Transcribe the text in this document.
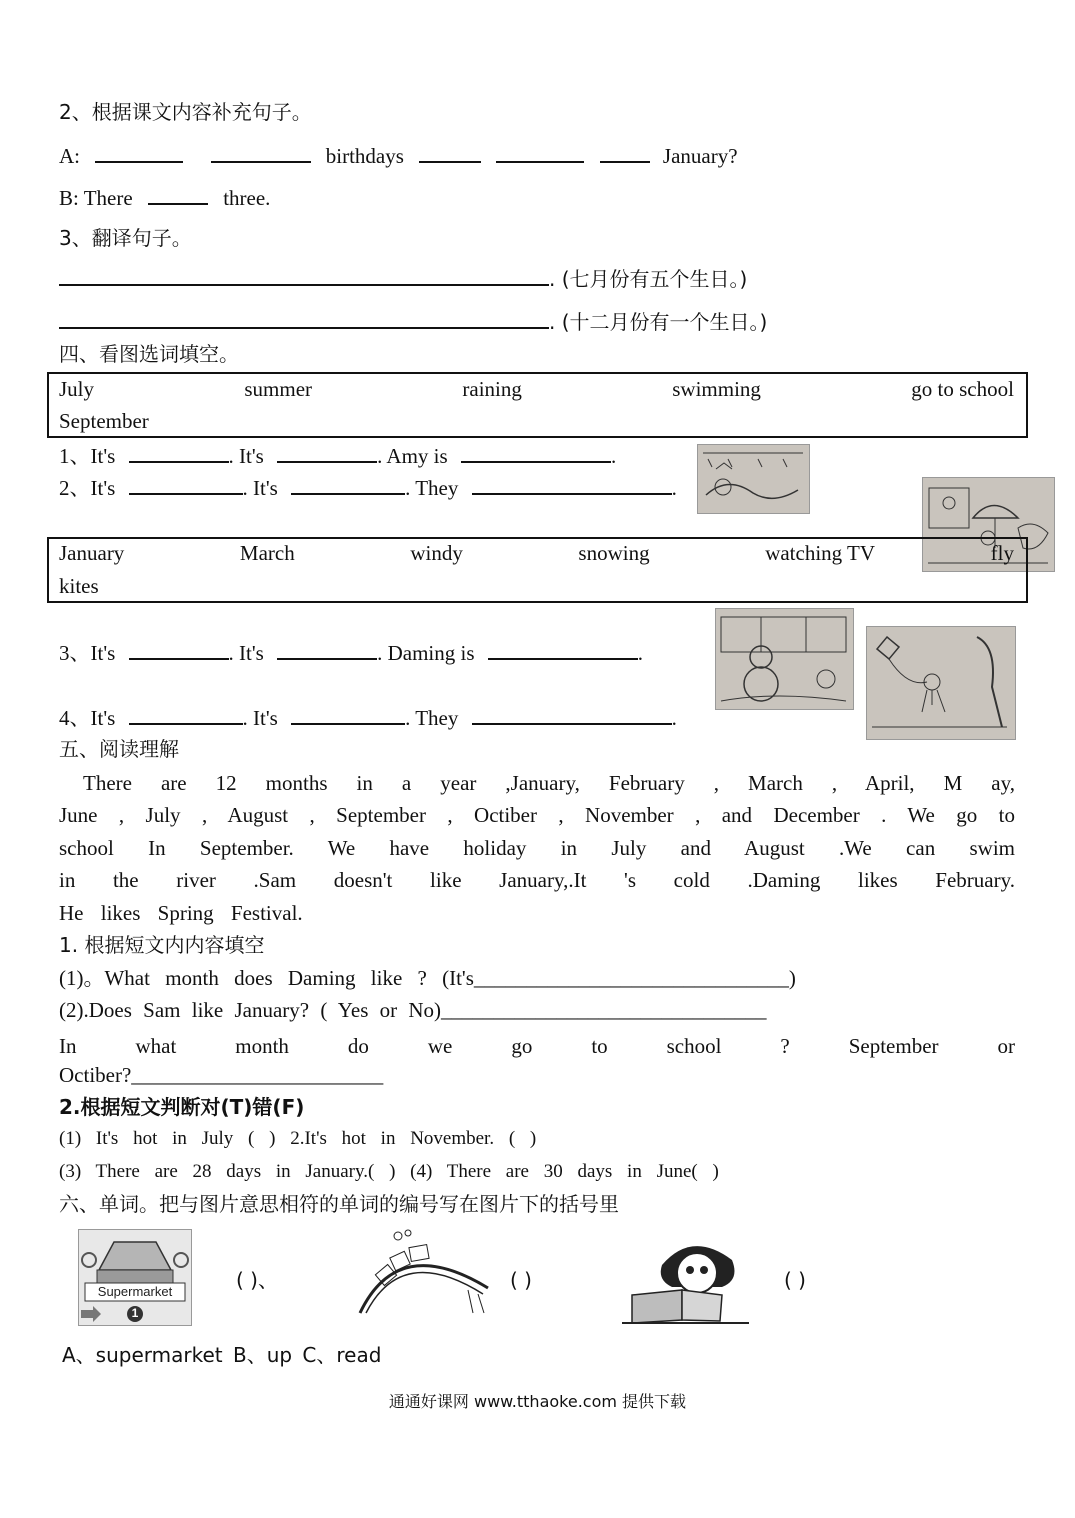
2、根据课文内容补充句子。
A:	birthdays	January?
B: There	three.
3、翻译句子。
. (七月份有五个生日。)
. (十二月份有一个生日。)
四、看图选词填空。
July	summer	raining	swimming	go to school
September
1、It's	. It's	. Amy is	.
2、It's	. It's	. They	.
January	March	windy	snowing	watching TV	fly
kites
3、It's	. It's	. Daming is	.
4、It's	. It's	. They	.
五、阅读理解
There are 12 months in a year ,January, February , March , April, M ay,
June , July , August , September , Octiber , November , and December . We go to
school In September. We have holiday in July and August .We can swim
in the river .Sam doesn't like January,.It 's cold .Daming likes February.
He likes Spring Festival.
1. 根据短文内内容填空
(1)。What month does Daming like ? (It's______________________________)
(2).Does Sam like January? ( Yes or No)_______________________________
In what month do we go to school ? September or
Octiber?________________________
2.根据短文判断对(T)错(F)
(1) It's hot in July ( ) 2.It's hot in November. ( )
(3) There are 28 days in January.( ) (4) There are 30 days in June( )
六、单词。把与图片意思相符的单词的编号写在图片下的括号里
Supermarket
1
( )、	( )	( )
A、supermarket B、up C、read
通通好课网 www.tthaoke.com 提供下载
